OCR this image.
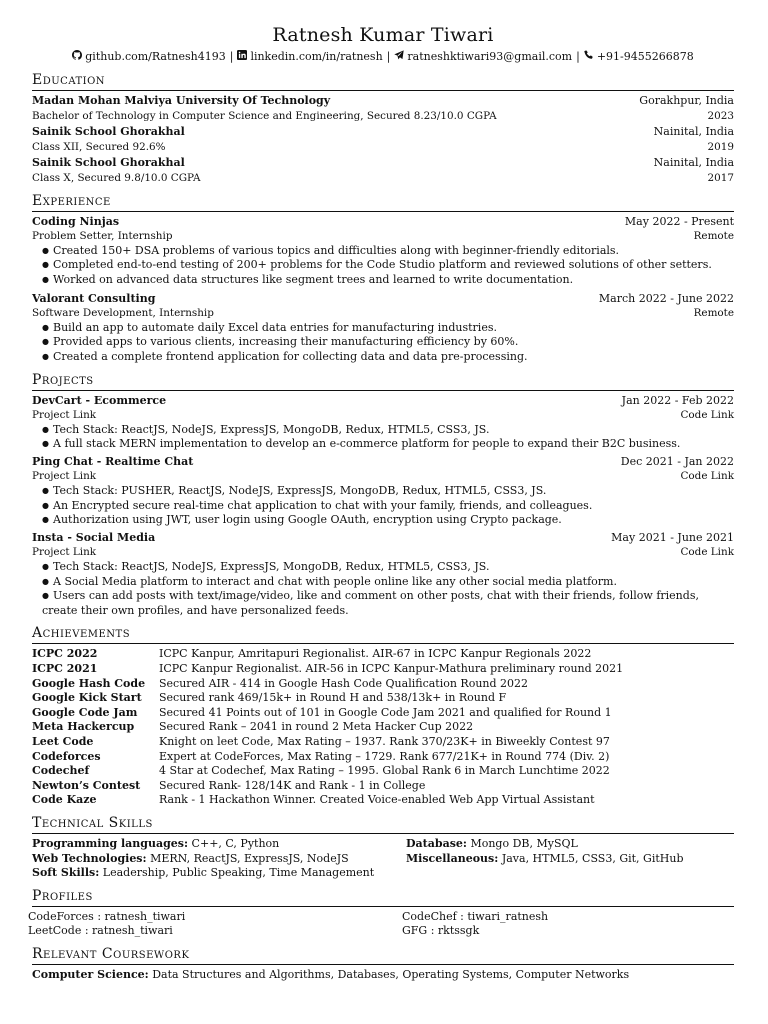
Ratnesh Kumar Tiwari
github.com/Ratnesh4193 | linkedin.com/in/ratnesh | ratneshktiwari93@gmail.com | +91-9455266878
Education
Madan Mohan Malviya University Of Technology	Gorakhpur, India
Bachelor of Technology in Computer Science and Engineering, Secured 8.23/10.0 CGPA	2023
Sainik School Ghorakhal	Nainital, India
Class XII, Secured 92.6%	2019
Sainik School Ghorakhal	Nainital, India
Class X, Secured 9.8/10.0 CGPA	2017
Experience
Coding Ninjas	May 2022 - Present
Problem Setter, Internship	Remote
● Created 150+ DSA problems of various topics and difficulties along with beginner-friendly editorials.
● Completed end-to-end testing of 200+ problems for the Code Studio platform and reviewed solutions of other setters.
● Worked on advanced data structures like segment trees and learned to write documentation.
Valorant Consulting	March 2022 - June 2022
Software Development, Internship	Remote
● Build an app to automate daily Excel data entries for manufacturing industries.
● Provided apps to various clients, increasing their manufacturing efficiency by 60%.
● Created a complete frontend application for collecting data and data pre-processing.
Projects
DevCart - Ecommerce	Jan 2022 - Feb 2022
Project Link	Code Link
● Tech Stack: ReactJS, NodeJS, ExpressJS, MongoDB, Redux, HTML5, CSS3, JS.
● A full stack MERN implementation to develop an e-commerce platform for people to expand their B2C business.
Ping Chat - Realtime Chat	Dec 2021 - Jan 2022
Project Link	Code Link
● Tech Stack: PUSHER, ReactJS, NodeJS, ExpressJS, MongoDB, Redux, HTML5, CSS3, JS.
● An Encrypted secure real-time chat application to chat with your family, friends, and colleagues.
● Authorization using JWT, user login using Google OAuth, encryption using Crypto package.
Insta - Social Media	May 2021 - June 2021
Project Link	Code Link
● Tech Stack: ReactJS, NodeJS, ExpressJS, MongoDB, Redux, HTML5, CSS3, JS.
● A Social Media platform to interact and chat with people online like any other social media platform.
● Users can add posts with text/image/video, like and comment on other posts, chat with their friends, follow friends,
create their own profiles, and have personalized feeds.
Achievements
ICPC 2022	ICPC Kanpur, Amritapuri Regionalist. AIR-67 in ICPC Kanpur Regionals 2022
ICPC 2021	ICPC Kanpur Regionalist. AIR-56 in ICPC Kanpur-Mathura preliminary round 2021
Google Hash Code	Secured AIR - 414 in Google Hash Code Qualification Round 2022
Google Kick Start	Secured rank 469/15k+ in Round H and 538/13k+ in Round F
Google Code Jam	Secured 41 Points out of 101 in Google Code Jam 2021 and qualified for Round 1
Meta Hackercup	Secured Rank – 2041 in round 2 Meta Hacker Cup 2022
Leet Code	Knight on leet Code, Max Rating – 1937. Rank 370/23K+ in Biweekly Contest 97
Codeforces	Expert at CodeForces, Max Rating – 1729. Rank 677/21K+ in Round 774 (Div. 2)
Codechef	4 Star at Codechef, Max Rating – 1995. Global Rank 6 in March Lunchtime 2022
Newton’s Contest	Secured Rank- 128/14K and Rank - 1 in College
Code Kaze	Rank - 1 Hackathon Winner. Created Voice-enabled Web App Virtual Assistant
Technical Skills
Programming languages: C++, C, Python	Database: Mongo DB, MySQL
Web Technologies: MERN, ReactJS, ExpressJS, NodeJS	Miscellaneous: Java, HTML5, CSS3, Git, GitHub
Soft Skills: Leadership, Public Speaking, Time Management
Profiles
CodeForces : ratnesh_tiwari	CodeChef : tiwari_ratnesh
LeetCode : ratnesh_tiwari	GFG : rktssgk
Relevant Coursework
Computer Science: Data Structures and Algorithms, Databases, Operating Systems, Computer Networks
